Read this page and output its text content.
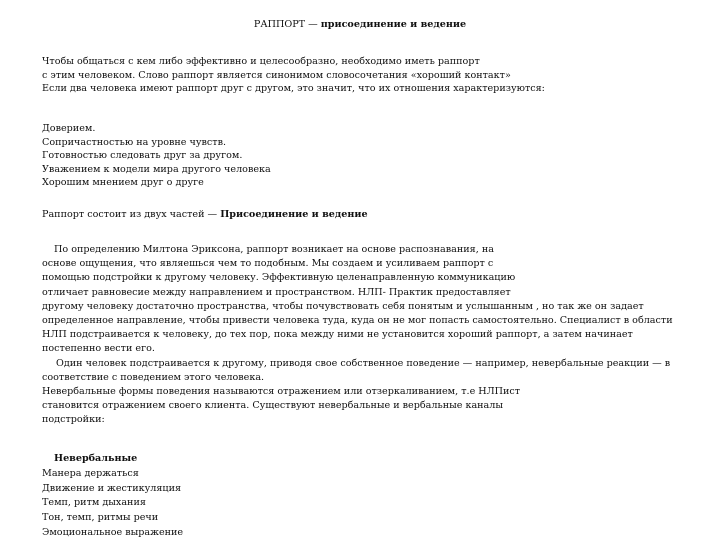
РАППОРТ — присоединение и ведение
Чтобы общаться с кем либо эффективно и целесообразно, необходимо иметь раппорт
с этим человеком. Слово раппорт является синонимом словосочетания «хороший контакт»
Если два человека имеют раппорт друг с другом, это значит, что их отношения характеризуются:
Доверием.
Сопричастностью на уровне чувств.
Готовностью следовать друг за другом.
Уважением к модели мира другого человека
Хорошим мнением друг о друге
Раппорт состоит из двух частей — Присоединение и ведение
По определению Милтона Эриксона, раппорт возникает на основе распознавания, на
основе ощущения, что являешься чем то подобным. Мы создаем и усиливаем раппорт с
помощью подстройки к другому человеку. Эффективную целенаправленную коммуникацию
отличает равновесие между направлением и пространством. НЛП- Практик предоставляет
другому человеку достаточно пространства, чтобы почувствовать себя понятым и услышанным , но так же он задает
определенное направление, чтобы привести человека туда, куда он не мог попасть самостоятельно. Специалист в области
НЛП подстраивается к человеку, до тех пор, пока между ними не установится хороший раппорт, а затем начинает
постепенно вести его.
Один человек подстраивается к другому, приводя свое собственное поведение — например, невербальные реакции — в
соответствие с поведением этого человека.
Невербальные формы поведения называются отражением или отзеркаливанием, т.е НЛПист
становится отражением своего клиента. Существуют невербальные и вербальные каналы
подстройки:
Невербальные
Манера держаться
Движение и жестикуляция
Темп, ритм дыхания
Тон, темп, ритмы речи
Эмоциональное выражение
